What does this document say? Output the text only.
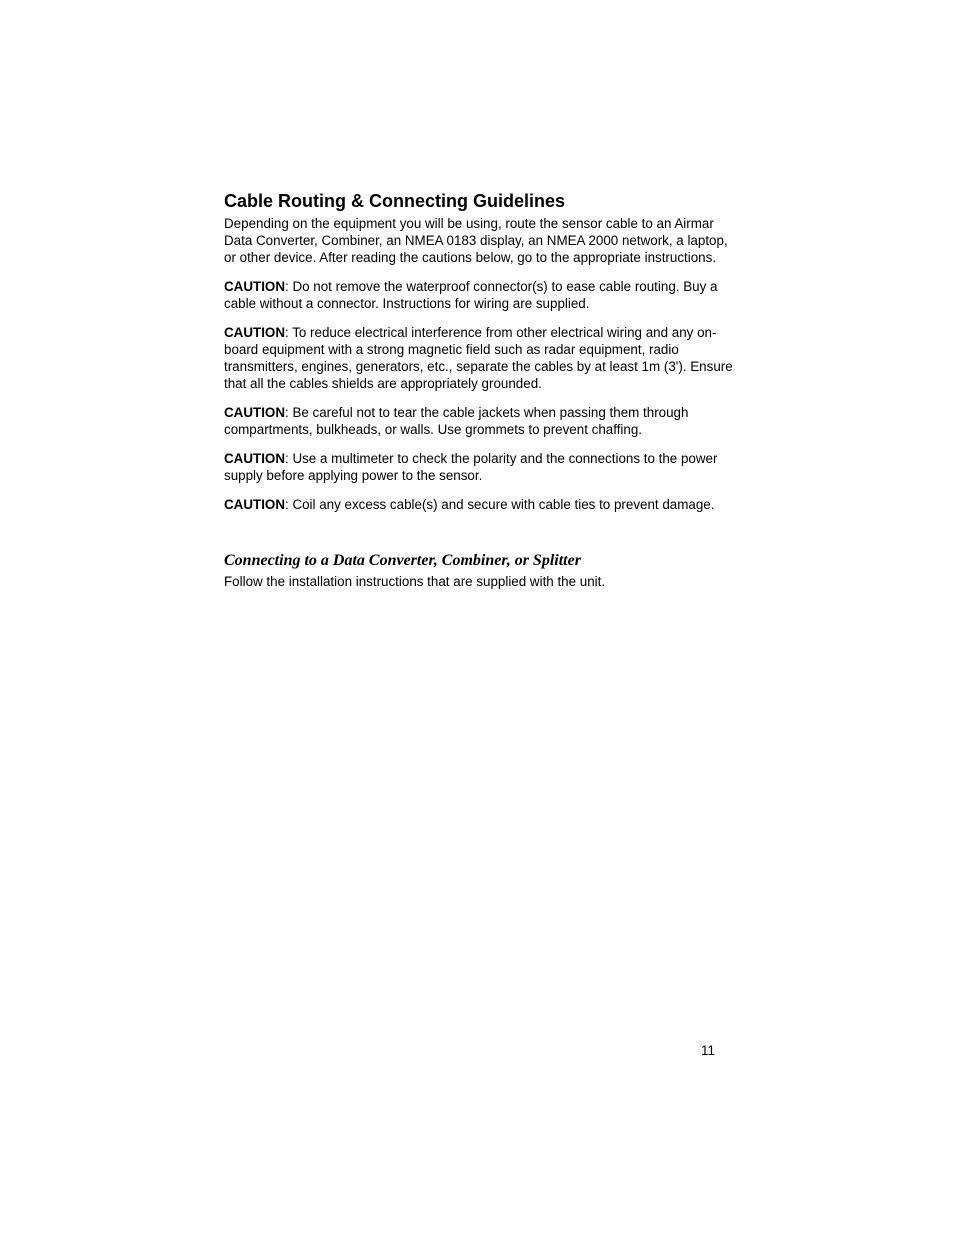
Cable Routing & Connecting Guidelines

Depending on the equipment you will be using, route the sensor cable to an Airmar Data Converter, Combiner, an NMEA 0183 display, an NMEA 2000 network, a laptop, or other device. After reading the cautions below, go to the appropriate instructions.

CAUTION: Do not remove the waterproof connector(s) to ease cable routing. Buy a cable without a connector. Instructions for wiring are supplied.

CAUTION: To reduce electrical interference from other electrical wiring and any on-board equipment with a strong magnetic field such as radar equipment, radio transmitters, engines, generators, etc., separate the cables by at least 1m (3'). Ensure that all the cables shields are appropriately grounded.

CAUTION: Be careful not to tear the cable jackets when passing them through compartments, bulkheads, or walls. Use grommets to prevent chaffing.

CAUTION: Use a multimeter to check the polarity and the connections to the power supply before applying power to the sensor.

CAUTION: Coil any excess cable(s) and secure with cable ties to prevent damage.

Connecting to a Data Converter, Combiner, or Splitter

Follow the installation instructions that are supplied with the unit.

11
